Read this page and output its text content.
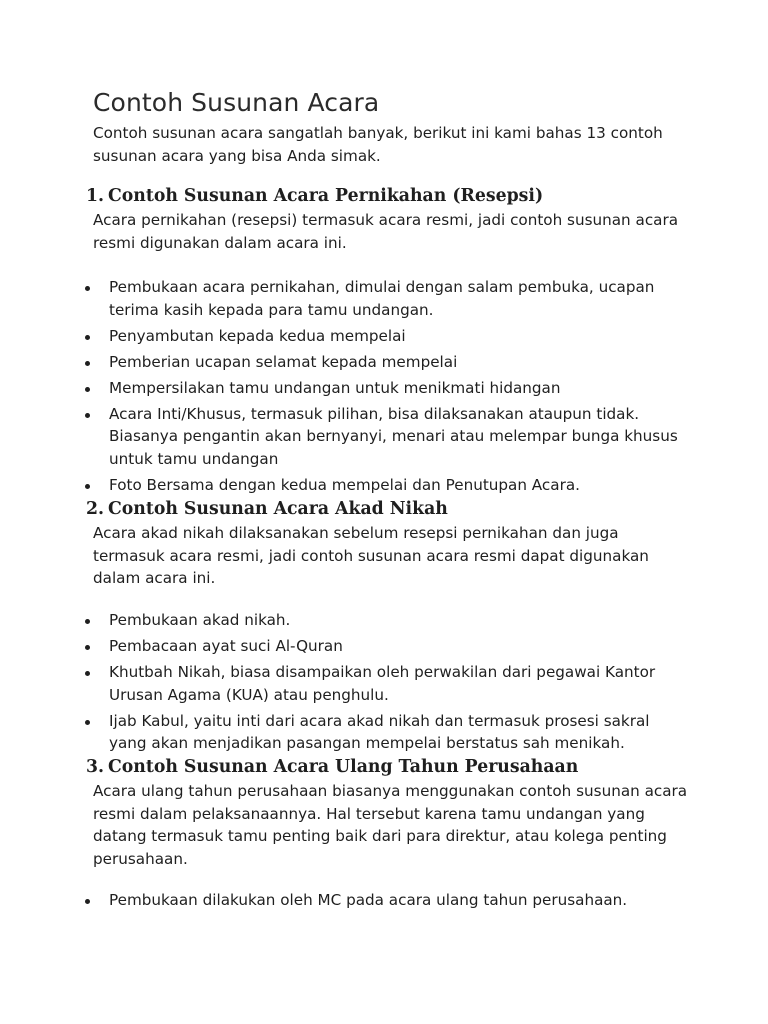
Contoh Susunan Acara

Contoh susunan acara sangatlah banyak, berikut ini kami bahas 13 contoh susunan acara yang bisa Anda simak.

1. Contoh Susunan Acara Pernikahan (Resepsi)

Acara pernikahan (resepsi) termasuk acara resmi, jadi contoh susunan acara resmi digunakan dalam acara ini.

Pembukaan acara pernikahan, dimulai dengan salam pembuka, ucapan terima kasih kepada para tamu undangan.
Penyambutan kepada kedua mempelai
Pemberian ucapan selamat kepada mempelai
Mempersilakan tamu undangan untuk menikmati hidangan
Acara Inti/Khusus, termasuk pilihan, bisa dilaksanakan ataupun tidak. Biasanya pengantin akan bernyanyi, menari atau melempar bunga khusus untuk tamu undangan
Foto Bersama dengan kedua mempelai dan Penutupan Acara.
2. Contoh Susunan Acara Akad Nikah

Acara akad nikah dilaksanakan sebelum resepsi pernikahan dan juga termasuk acara resmi, jadi contoh susunan acara resmi dapat digunakan dalam acara ini.

Pembukaan akad nikah.
Pembacaan ayat suci Al-Quran
Khutbah Nikah, biasa disampaikan oleh perwakilan dari pegawai Kantor Urusan Agama (KUA) atau penghulu.
Ijab Kabul, yaitu inti dari acara akad nikah dan termasuk prosesi sakral yang akan menjadikan pasangan mempelai berstatus sah menikah.
3. Contoh Susunan Acara Ulang Tahun Perusahaan

Acara ulang tahun perusahaan biasanya menggunakan contoh susunan acara resmi dalam pelaksanaannya. Hal tersebut karena tamu undangan yang datang termasuk tamu penting baik dari para direktur, atau kolega penting perusahaan.

Pembukaan dilakukan oleh MC pada acara ulang tahun perusahaan.
